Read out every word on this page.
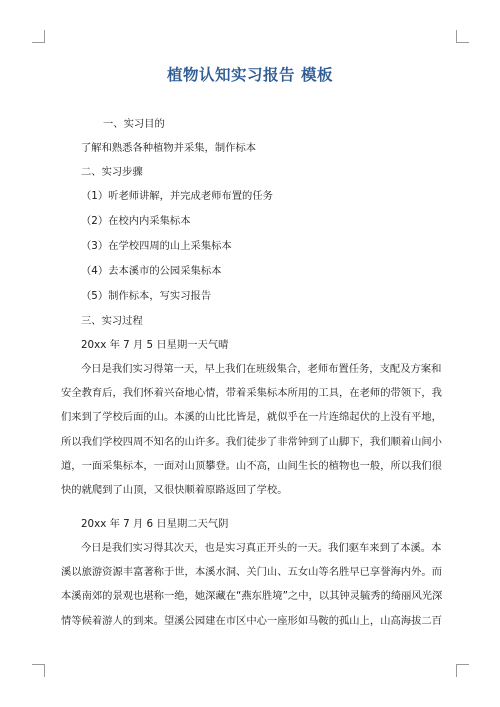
植物认知实习报告 模板
一、实习目的
了解和熟悉各种植物并采集，制作标本
二、实习步骤
（1）听老师讲解，并完成老师布置的任务
（2）在校内内采集标本
（3）在学校四周的山上采集标本
（4）去本溪市的公园采集标本
（5）制作标本，写实习报告
三、实习过程
20xx 年 7 月 5 日星期一天气晴
今日是我们实习得第一天，早上我们在班级集合，老师布置任务，支配及方案和
安全教育后，我们怀着兴奋地心情，带着采集标本所用的工具，在老师的带领下，我
们来到了学校后面的山。本溪的山比比皆是，就似乎在一片连绵起伏的上没有平地，
所以我们学校四周不知名的山许多。我们徒步了非常钟到了山脚下，我们顺着山间小
道，一面采集标本，一面对山顶攀登。山不高，山间生长的植物也一般，所以我们很
快的就爬到了山顶，又很快顺着原路返回了学校。
20xx 年 7 月 6 日星期二天气阴
今日是我们实习得其次天，也是实习真正开头的一天。我们驱车来到了本溪。本
溪以旅游资源丰富著称于世，本溪水洞、关门山、五女山等名胜早已享誉海内外。而
本溪南郊的景观也堪称一绝，她深藏在“燕东胜境”之中，以其钟灵毓秀的绮丽风光深
情等候着游人的到来。望溪公园建在市区中心一座形如马鞍的孤山上，山高海拔二百
